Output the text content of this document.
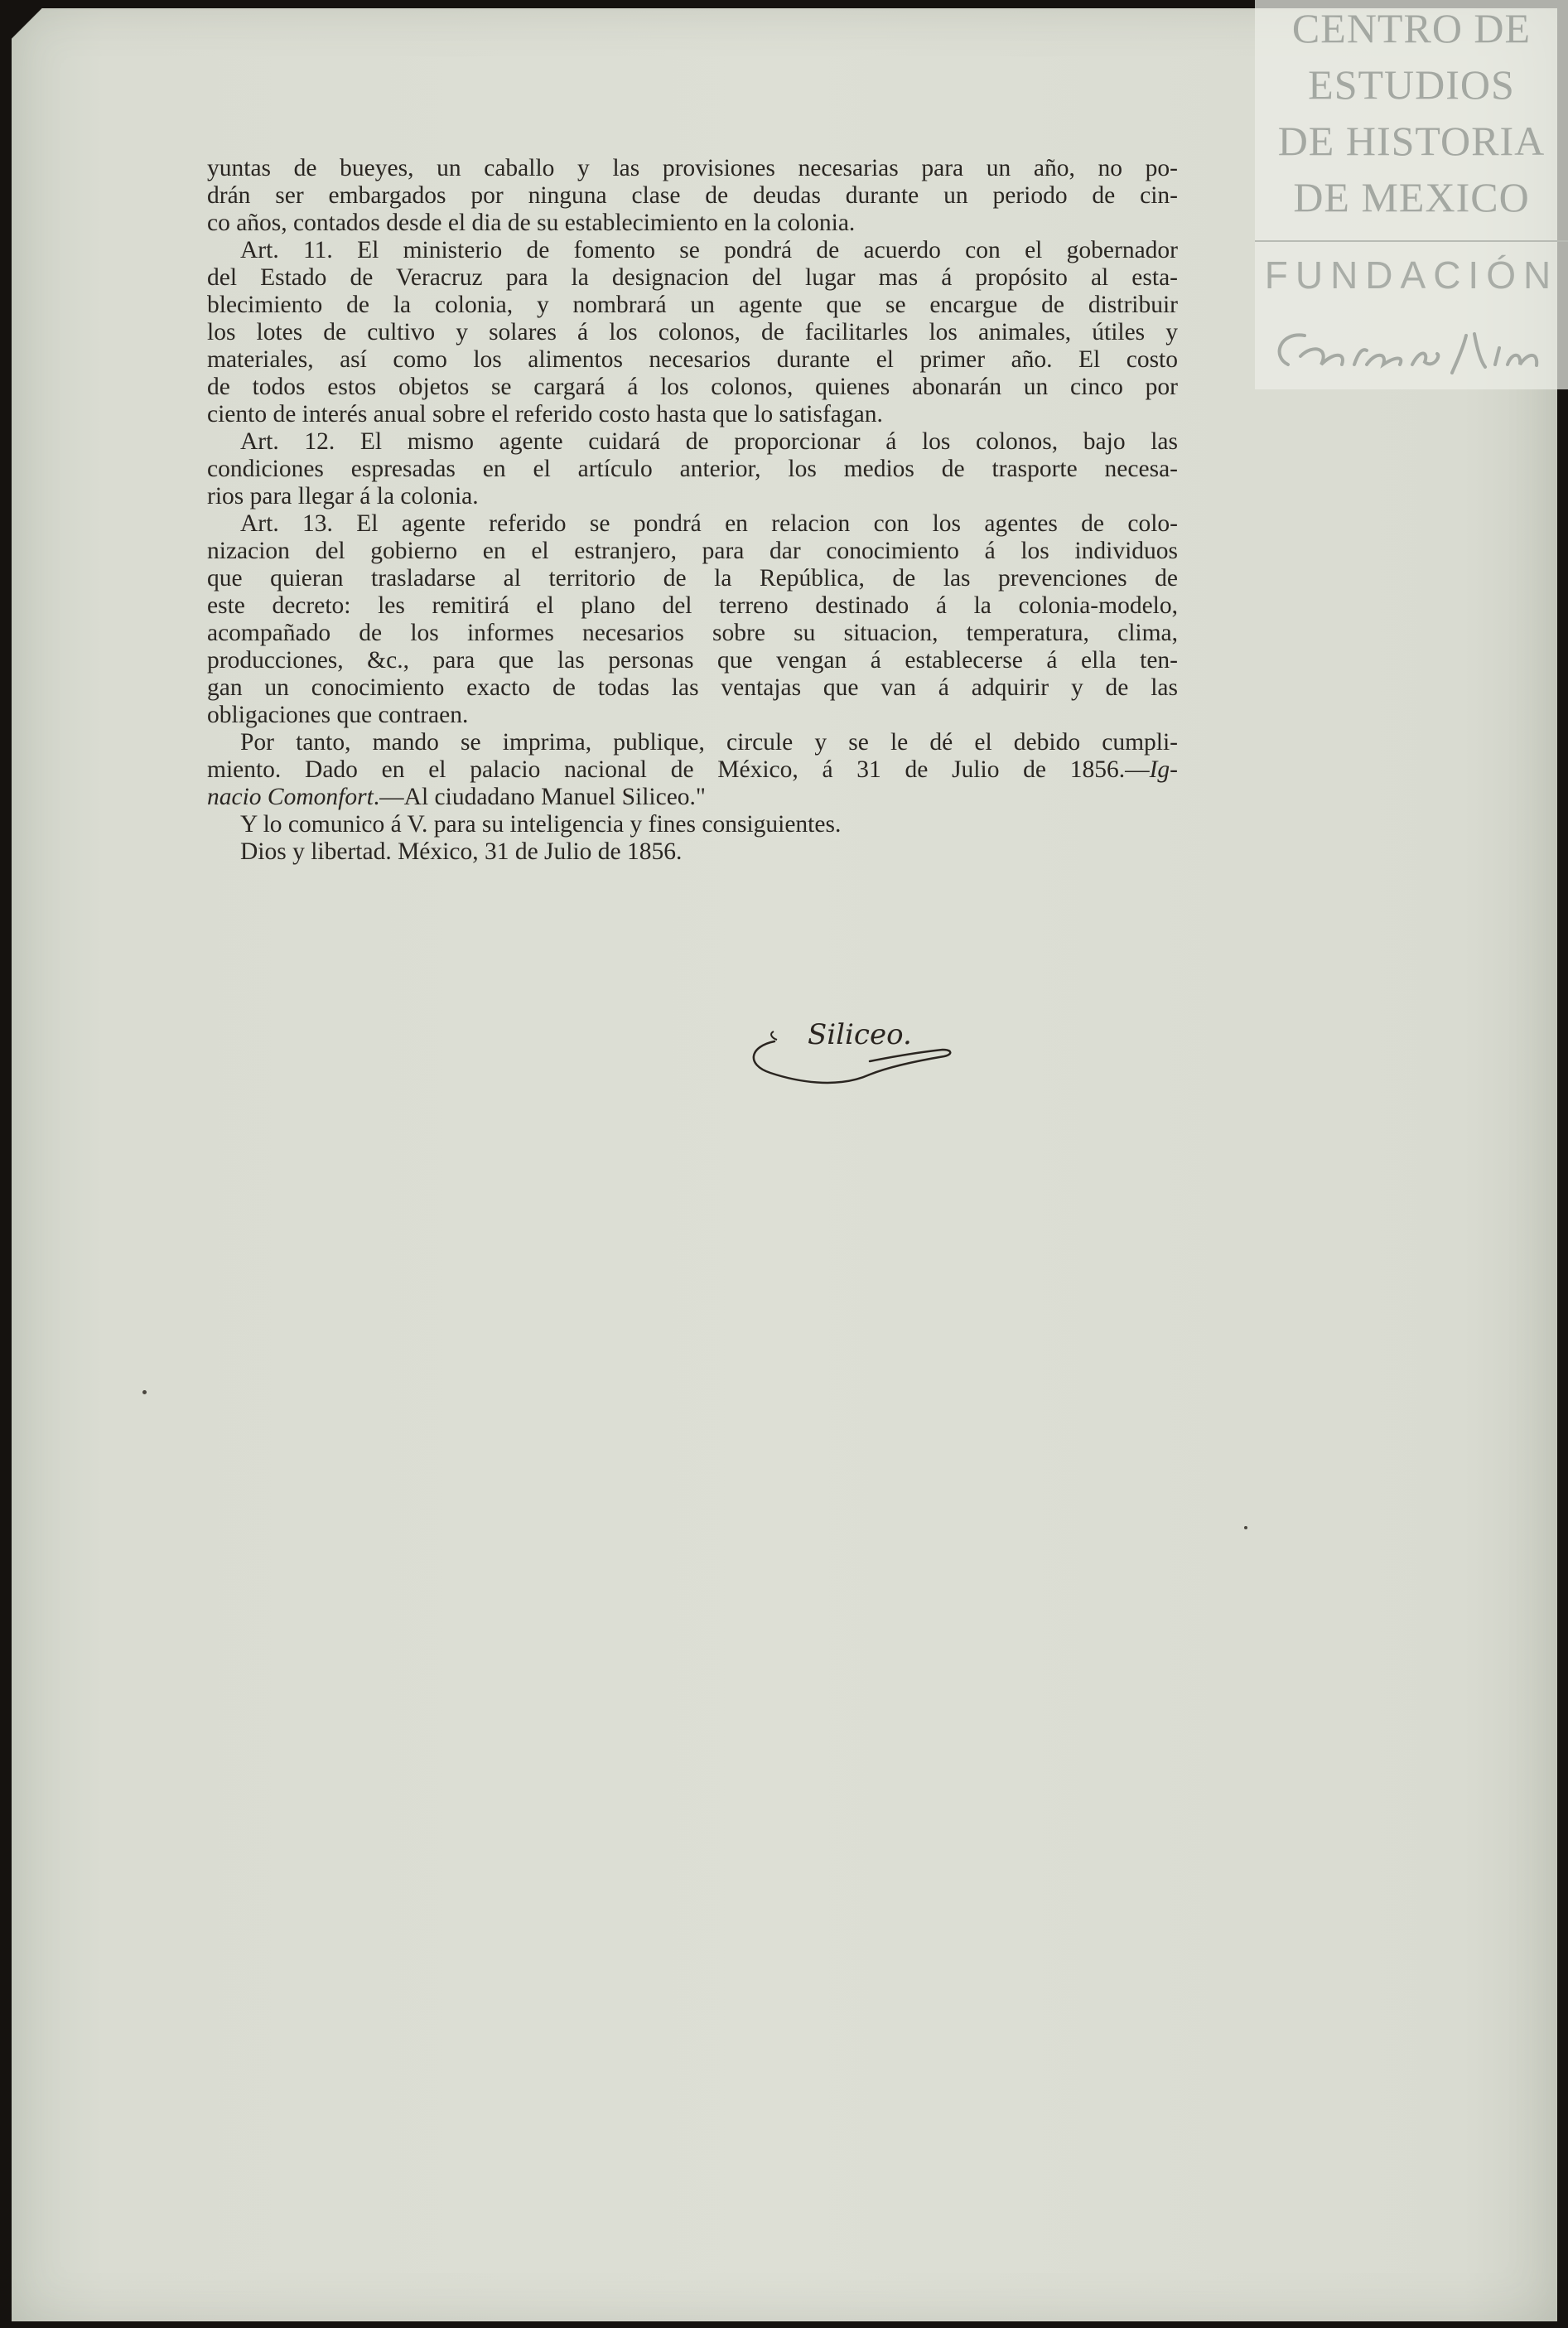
CENTRO DE
ESTUDIOS
DE HISTORIA
DE MEXICO
FUNDACIÓN
yuntas de bueyes, un caballo y las provisiones necesarias para un año, no po-
drán ser embargados por ninguna clase de deudas durante un periodo de cin-
co años, contados desde el dia de su establecimiento en la colonia.
Art. 11. El ministerio de fomento se pondrá de acuerdo con el gobernador
del Estado de Veracruz para la designacion del lugar mas á propósito al esta-
blecimiento de la colonia, y nombrará un agente que se encargue de distribuir
los lotes de cultivo y solares á los colonos, de facilitarles los animales, útiles y
materiales, así como los alimentos necesarios durante el primer año. El costo
de todos estos objetos se cargará á los colonos, quienes abonarán un cinco por
ciento de interés anual sobre el referido costo hasta que lo satisfagan.
Art. 12. El mismo agente cuidará de proporcionar á los colonos, bajo las
condiciones espresadas en el artículo anterior, los medios de trasporte necesa-
rios para llegar á la colonia.
Art. 13. El agente referido se pondrá en relacion con los agentes de colo-
nizacion del gobierno en el estranjero, para dar conocimiento á los individuos
que quieran trasladarse al territorio de la República, de las prevenciones de
este decreto: les remitirá el plano del terreno destinado á la colonia-modelo,
acompañado de los informes necesarios sobre su situacion, temperatura, clima,
producciones, &c., para que las personas que vengan á establecerse á ella ten-
gan un conocimiento exacto de todas las ventajas que van á adquirir y de las
obligaciones que contraen.
Por tanto, mando se imprima, publique, circule y se le dé el debido cumpli-
miento. Dado en el palacio nacional de México, á 31 de Julio de 1856.—Ig-
nacio Comonfort.—Al ciudadano Manuel Siliceo."
Y lo comunico á V. para su inteligencia y fines consiguientes.
Dios y libertad. México, 31 de Julio de 1856.
Siliceo.
